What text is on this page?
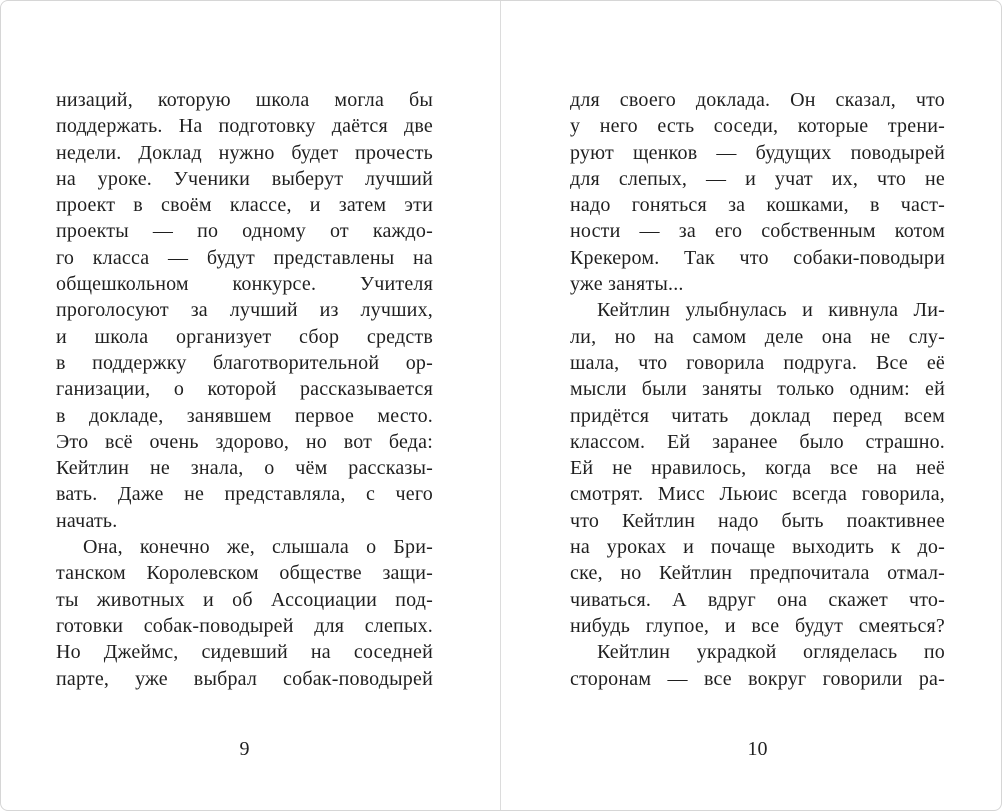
низаций, которую школа могла бы
поддержать. На подготовку даётся две
недели. Доклад нужно будет прочесть
на уроке. Ученики выберут лучший
проект в своём классе, и затем эти
проекты — по одному от каждо-
го класса — будут представлены на
общешкольном конкурсе. Учителя
проголосуют за лучший из лучших,
и школа организует сбор средств
в поддержку благотворительной ор-
ганизации, о которой рассказывается
в докладе, занявшем первое место.
Это всё очень здорово, но вот беда:
Кейтлин не знала, о чём рассказы-
вать. Даже не представляла, с чего
начать.
Она, конечно же, слышала о Бри-
танском Королевском обществе защи-
ты животных и об Ассоциации под-
готовки собак-поводырей для слепых.
Но Джеймс, сидевший на соседней
парте, уже выбрал собак-поводырей
9
для своего доклада. Он сказал, что
у него есть соседи, которые трени-
руют щенков — будущих поводырей
для слепых, — и учат их, что не
надо гоняться за кошками, в част-
ности — за его собственным котом
Крекером. Так что собаки-поводыри
уже заняты...
Кейтлин улыбнулась и кивнула Ли-
ли, но на самом деле она не слу-
шала, что говорила подруга. Все её
мысли были заняты только одним: ей
придётся читать доклад перед всем
классом. Ей заранее было страшно.
Ей не нравилось, когда все на неё
смотрят. Мисс Льюис всегда говорила,
что Кейтлин надо быть поактивнее
на уроках и почаще выходить к до-
ске, но Кейтлин предпочитала отмал-
чиваться. А вдруг она скажет что-
нибудь глупое, и все будут смеяться?
Кейтлин украдкой огляделась по
сторонам — все вокруг говорили ра-
10
